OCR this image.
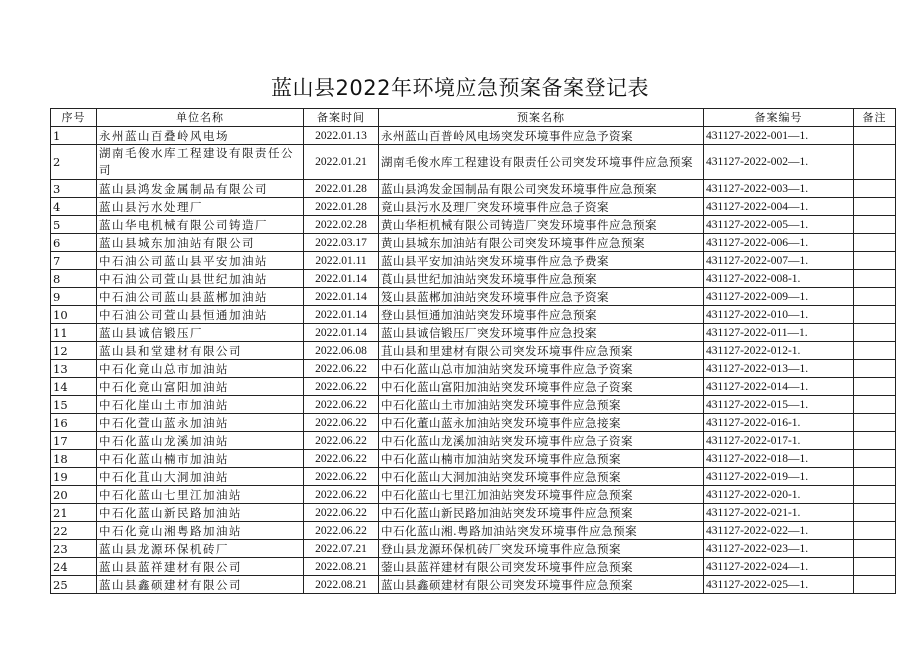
蓝山县2022年环境应急预案备案登记表
序号	单位名称	备案时间	预案名称	备案编号	备注
1	永州蓝山百叠岭风电场	2022.01.13	永州蓝山百普岭风电场突发环境事件应急予资案	431127-2022-001—1.	
2	湖南毛俊水库工程建设有限责任公司	2022.01.21	湖南毛俊水库工程建设有限责任公司突发环境事件应急预案	431127-2022-002—1.	
3	蓝山县鸿发金属制品有限公司	2022.01.28	蓝山县鸿发金国制品有限公司突发环境事件应急预案	431127-2022-003—1.	
4	蓝山县污水处理厂	2022.01.28	竟山县污水及理厂突发环境事件应急子资案	431127-2022-004—1.	
5	蓝山华电机械有限公司铸造厂	2022.02.28	黄山华柜机械有限公司铸造厂突发环境事件应急预案	431127-2022-005—1.	
6	蓝山县城东加油站有限公司	2022.03.17	黄山县城东加油站有限公司突发环境事件应急预案	431127-2022-006—1.	
7	中石油公司蓝山县平安加油站	2022.01.11	蓝山县平安加油站突发环境事件应急予费案	431127-2022-007—1.	
8	中石油公司萱山县世纪加油站	2022.01.14	莨山县世纪加油站突发环境事件应急预案	431127-2022-008-1.	
9	中石油公司蓝山县蓝郴加油站	2022.01.14	笈山县蓝郴加油站突发环境事件应急予资案	431127-2022-009—1.	
10	中石油公司萱山县恒通加油站	2022.01.14	登山县恒通加油站突发环境事件应急预案	431127-2022-010—1.	
11	蓝山县诚信锻压厂	2022.01.14	蓝山县诚信锻压厂突发环境事件应急投案	431127-2022-011—1.	
12	蓝山县和堂建材有限公司	2022.06.08	苴山县和里建材有限公司突发环境事件应急预案	431127-2022-012-1.	
13	中石化竟山总市加油站	2022.06.22	中石化蓝山总市加油站突发环境事件应急予资案	431127-2022-013—1.	
14	中石化竟山富阳加油站	2022.06.22	中石化蓝山富阳加油站突发环境事件应急子资案	431127-2022-014—1.	
15	中石化崖山土市加油站	2022.06.22	中石化蓝山土市加油站突发环境事件应急预案	431127-2022-015—1.	
16	中石化萱山蓝永加油站	2022.06.22	中石化董山蓝永加油站突发环境事件应急接案	431127-2022-016-1.	
17	中石化蓝山龙溪加油站	2022.06.22	中石化蓝山龙溪加油站突发环境事件应急子资案	431127-2022-017-1.	
18	中石化蓝山楠市加油站	2022.06.22	中石化蓝山楠市加油站突发环境事件应急预案	431127-2022-018—1.	
19	中石化苴山大洞加油站	2022.06.22	中石化蓝山大洞加油站突发环境事件应急预案	431127-2022-019—1.	
20	中石化蓝山七里江加油站	2022.06.22	中石化蓝山七里江加油站突发环境事件应急预案	431127-2022-020-1.	
21	中石化蓝山新民路加油站	2022.06.22	中石化蓝山新民路加油站突发环境事件应急预案	431127-2022-021-1.	
22	中石化竟山湘粤路加油站	2022.06.22	中石化蓝山湘.粤路加油站突发环境事件应急预案	431127-2022-022—1.	
23	蓝山县龙源环保机砖厂	2022.07.21	登山县龙源环保机砖厂突发环境事件应急预案	431127-2022-023—1.	
24	蓝山县蓝祥建材有限公司	2022.08.21	蓥山县蓝祥建材有限公司突发环境事件应急预案	431127-2022-024—1.	
25	蓝山县鑫硕建材有限公司	2022.08.21	蓝山县鑫硕建材有限公司突发环境事件应急预案	431127-2022-025—1.	
